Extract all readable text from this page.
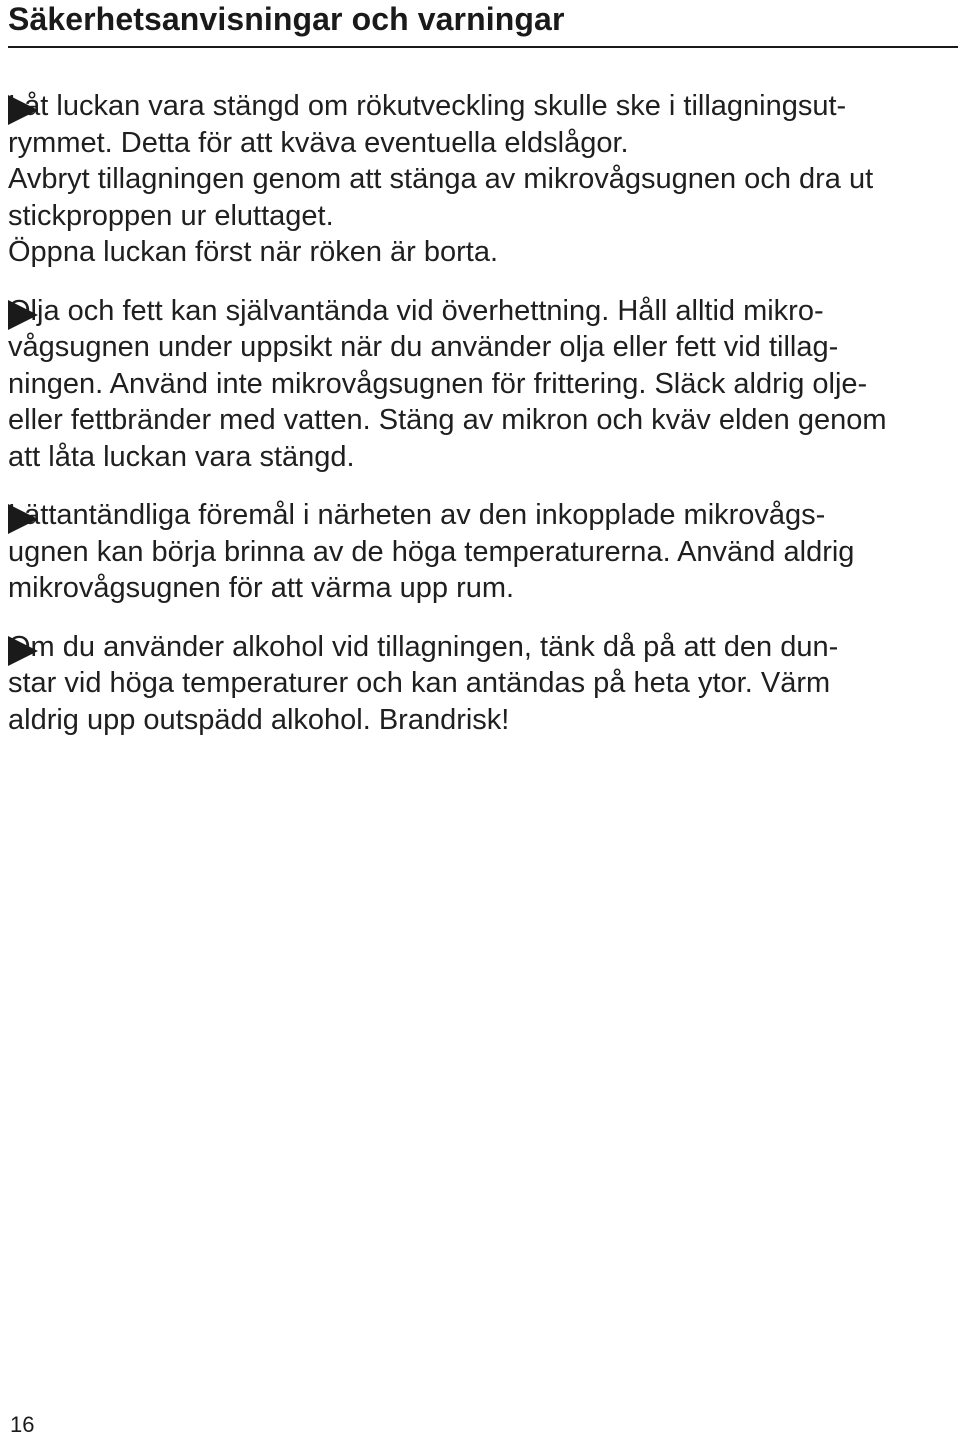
Säkerhetsanvisningar och varningar
Låt luckan vara stängd om rökutveckling skulle ske i tillagningsut-
rymmet. Detta för att kväva eventuella eldslågor.
Avbryt tillagningen genom att stänga av mikrovågsugnen och dra ut
stickproppen ur eluttaget.
Öppna luckan först när röken är borta.
Olja och fett kan självantända vid överhettning. Håll alltid mikro-
vågsugnen under uppsikt när du använder olja eller fett vid tillag-
ningen. Använd inte mikrovågsugnen för frittering. Släck aldrig olje-
eller fettbränder med vatten. Stäng av mikron och kväv elden genom
att låta luckan vara stängd.
Lättantändliga föremål i närheten av den inkopplade mikrovågs-
ugnen kan börja brinna av de höga temperaturerna. Använd aldrig
mikrovågsugnen för att värma upp rum.
Om du använder alkohol vid tillagningen, tänk då på att den dun-
star vid höga temperaturer och kan antändas på heta ytor. Värm
aldrig upp outspädd alkohol. Brandrisk!
16
